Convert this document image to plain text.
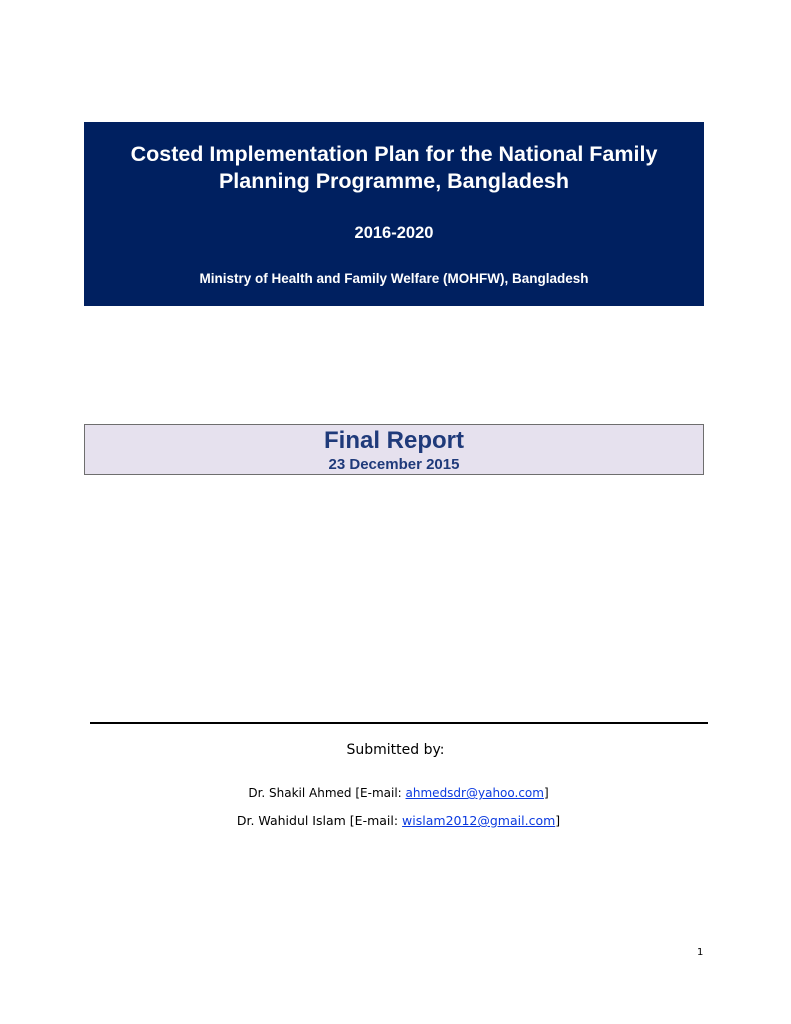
Costed Implementation Plan for the National Family
Planning Programme, Bangladesh
2016-2020
Ministry of Health and Family Welfare (MOHFW), Bangladesh
Final Report
23 December 2015
Submitted by:
Dr. Shakil Ahmed [E-mail: ahmedsdr@yahoo.com]
Dr. Wahidul Islam [E-mail: wislam2012@gmail.com]
1
